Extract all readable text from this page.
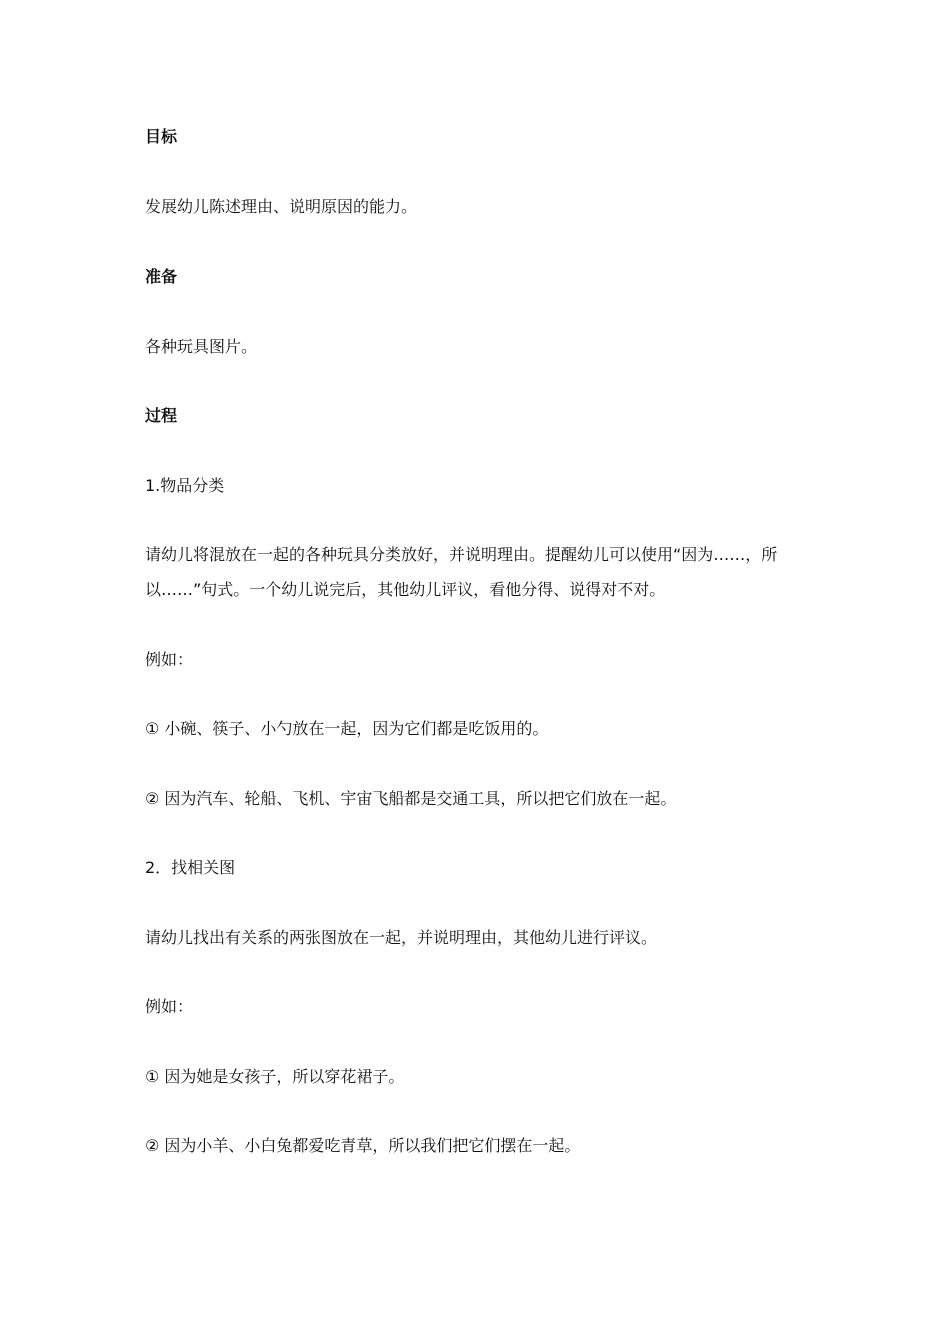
目标
发展幼儿陈述理由、说明原因的能力。
准备
各种玩具图片。
过程
1.物品分类
请幼儿将混放在一起的各种玩具分类放好，并说明理由。提醒幼儿可以使用“因为……，所
以……”句式。一个幼儿说完后，其他幼儿评议，看他分得、说得对不对。
例如：
① 小碗、筷子、小勺放在一起，因为它们都是吃饭用的。
② 因为汽车、轮船、飞机、宇宙飞船都是交通工具，所以把它们放在一起。
2．找相关图
请幼儿找出有关系的两张图放在一起，并说明理由，其他幼儿进行评议。
例如：
① 因为她是女孩子，所以穿花裙子。
② 因为小羊、小白兔都爱吃青草，所以我们把它们摆在一起。
